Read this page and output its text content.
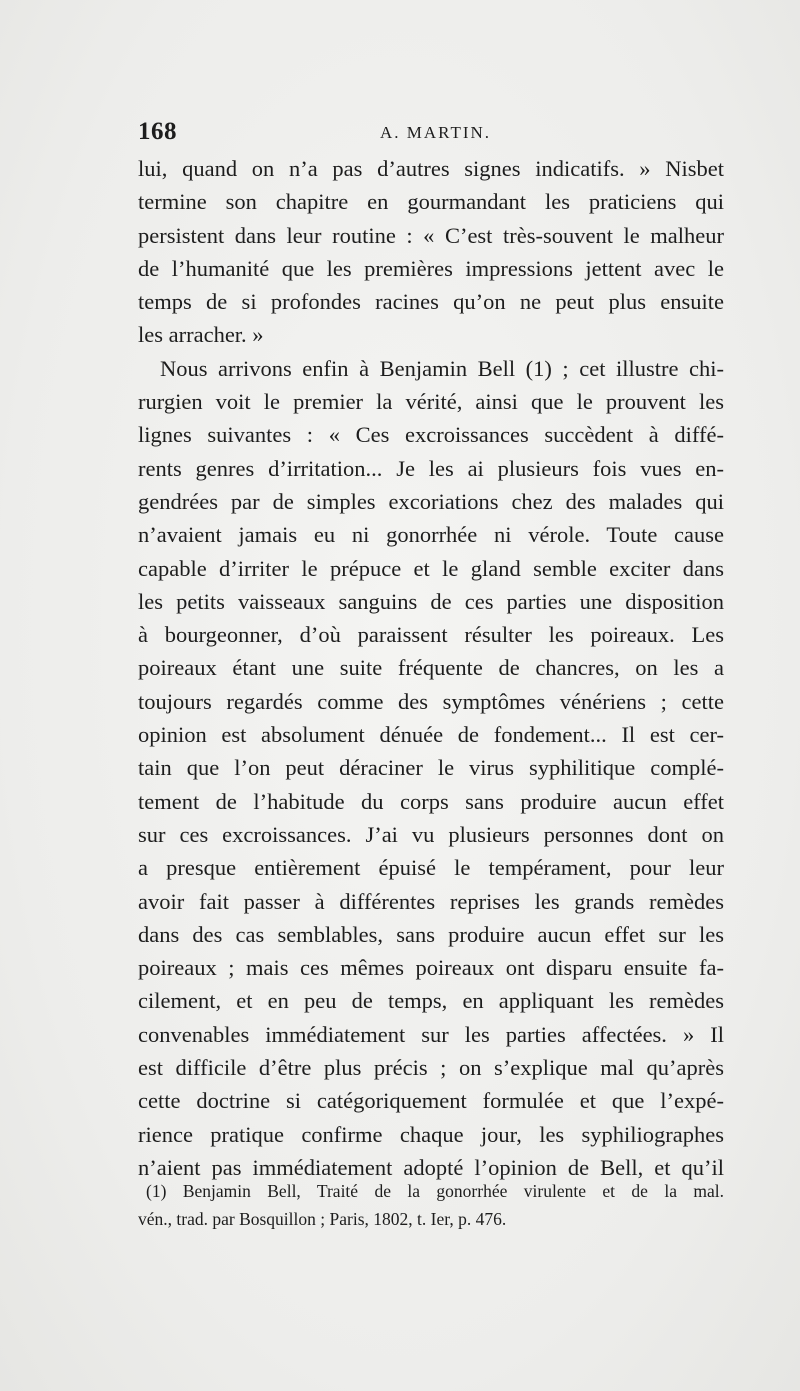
168	A. MARTIN.
lui, quand on n’a pas d’autres signes indicatifs. » Nisbet
termine son chapitre en gourmandant les praticiens qui
persistent dans leur routine : « C’est très-souvent le malheur
de l’humanité que les premières impressions jettent avec le
temps de si profondes racines qu’on ne peut plus ensuite
les arracher. »
Nous arrivons enfin à Benjamin Bell (1) ; cet illustre chi-
rurgien voit le premier la vérité, ainsi que le prouvent les
lignes suivantes : « Ces excroissances succèdent à diffé-
rents genres d’irritation... Je les ai plusieurs fois vues en-
gendrées par de simples excoriations chez des malades qui
n’avaient jamais eu ni gonorrhée ni vérole. Toute cause
capable d’irriter le prépuce et le gland semble exciter dans
les petits vaisseaux sanguins de ces parties une disposition
à bourgeonner, d’où paraissent résulter les poireaux. Les
poireaux étant une suite fréquente de chancres, on les a
toujours regardés comme des symptômes vénériens ; cette
opinion est absolument dénuée de fondement... Il est cer-
tain que l’on peut déraciner le virus syphilitique complé-
tement de l’habitude du corps sans produire aucun effet
sur ces excroissances. J’ai vu plusieurs personnes dont on
a presque entièrement épuisé le tempérament, pour leur
avoir fait passer à différentes reprises les grands remèdes
dans des cas semblables, sans produire aucun effet sur les
poireaux ; mais ces mêmes poireaux ont disparu ensuite fa-
cilement, et en peu de temps, en appliquant les remèdes
convenables immédiatement sur les parties affectées. » Il
est difficile d’être plus précis ; on s’explique mal qu’après
cette doctrine si catégoriquement formulée et que l’expé-
rience pratique confirme chaque jour, les syphiliographes
n’aient pas immédiatement adopté l’opinion de Bell, et qu’il
(1) Benjamin Bell, Traité de la gonorrhée virulente et de la mal.
vén., trad. par Bosquillon ; Paris, 1802, t. Ier, p. 476.
